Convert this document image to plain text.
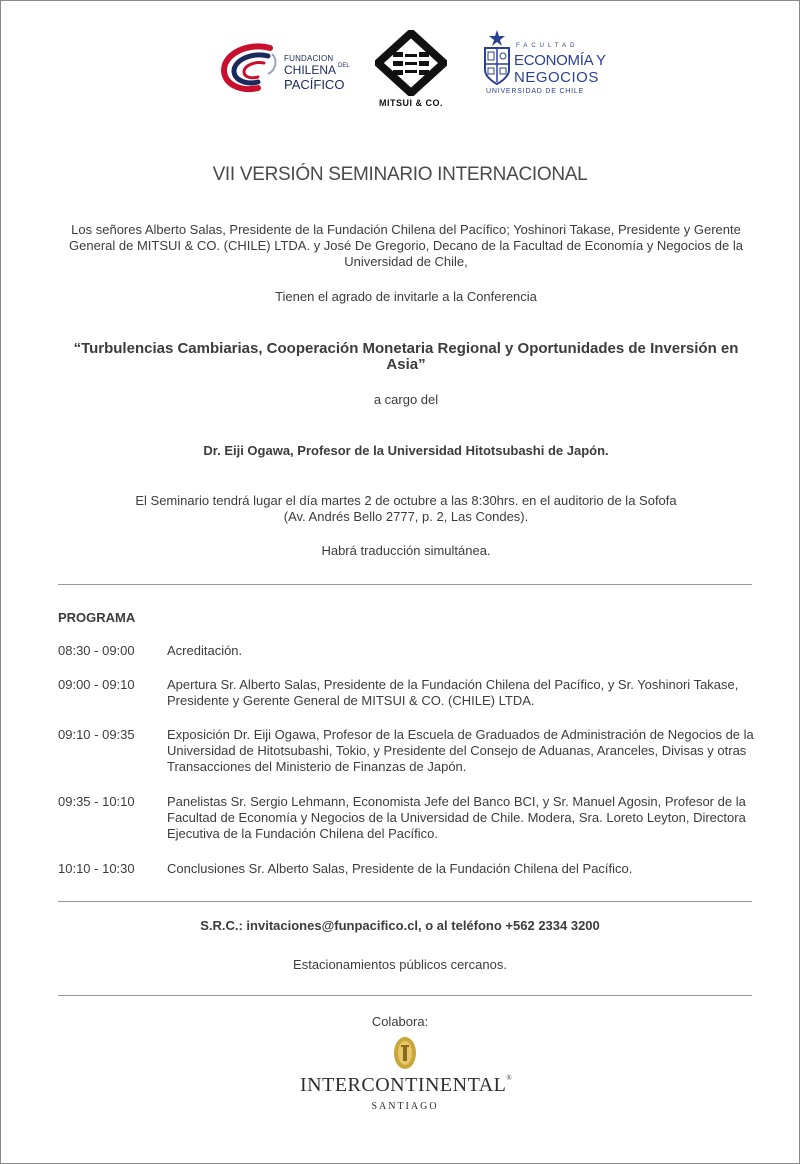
FUNDACION
CHILENA $^{DEL}$
PACÍFICO
MITSUI & CO.
FACULTAD
ECONOMÍA Y
NEGOCIOS
UNIVERSIDAD DE CHILE
VII VERSIÓN SEMINARIO INTERNACIONAL
Los señores Alberto Salas, Presidente de la Fundación Chilena del Pacífico; Yoshinori Takase, Presidente y Gerente General de MITSUI & CO. (CHILE) LTDA. y José De Gregorio, Decano de la Facultad de Economía y Negocios de la Universidad de Chile,
Tienen el agrado de invitarle a la Conferencia
“Turbulencias Cambiarias, Cooperación Monetaria Regional y Oportunidades de Inversión en Asia”
a cargo del
Dr. Eiji Ogawa, Profesor de la Universidad Hitotsubashi de Japón.
El Seminario tendrá lugar el día martes 2 de octubre a las 8:30hrs. en el auditorio de la Sofofa
(Av. Andrés Bello 2777, p. 2, Las Condes).
Habrá traducción simultánea.
PROGRAMA
08:30 - 09:00	Acreditación.
09:00 - 09:10	Apertura Sr. Alberto Salas, Presidente de la Fundación Chilena del Pacífico, y Sr. Yoshinori Takase, Presidente y Gerente General de MITSUI & CO. (CHILE) LTDA.
09:10 - 09:35	Exposición Dr. Eiji Ogawa, Profesor de la Escuela de Graduados de Administración de Negocios de la Universidad de Hitotsubashi, Tokio, y Presidente del Consejo de Aduanas, Aranceles, Divisas y otras Transacciones del Ministerio de Finanzas de Japón.
09:35 - 10:10	Panelistas Sr. Sergio Lehmann, Economista Jefe del Banco BCI, y Sr. Manuel Agosin, Profesor de la Facultad de Economía y Negocios de la Universidad de Chile. Modera, Sra. Loreto Leyton, Directora Ejecutiva de la Fundación Chilena del Pacífico.
10:10 - 10:30	Conclusiones Sr. Alberto Salas, Presidente de la Fundación Chilena del Pacífico.
S.R.C.: invitaciones@funpacifico.cl, o al teléfono +562 2334 3200
Estacionamientos públicos cercanos.
Colabora:
INTERCONTINENTAL®
SANTIAGO
